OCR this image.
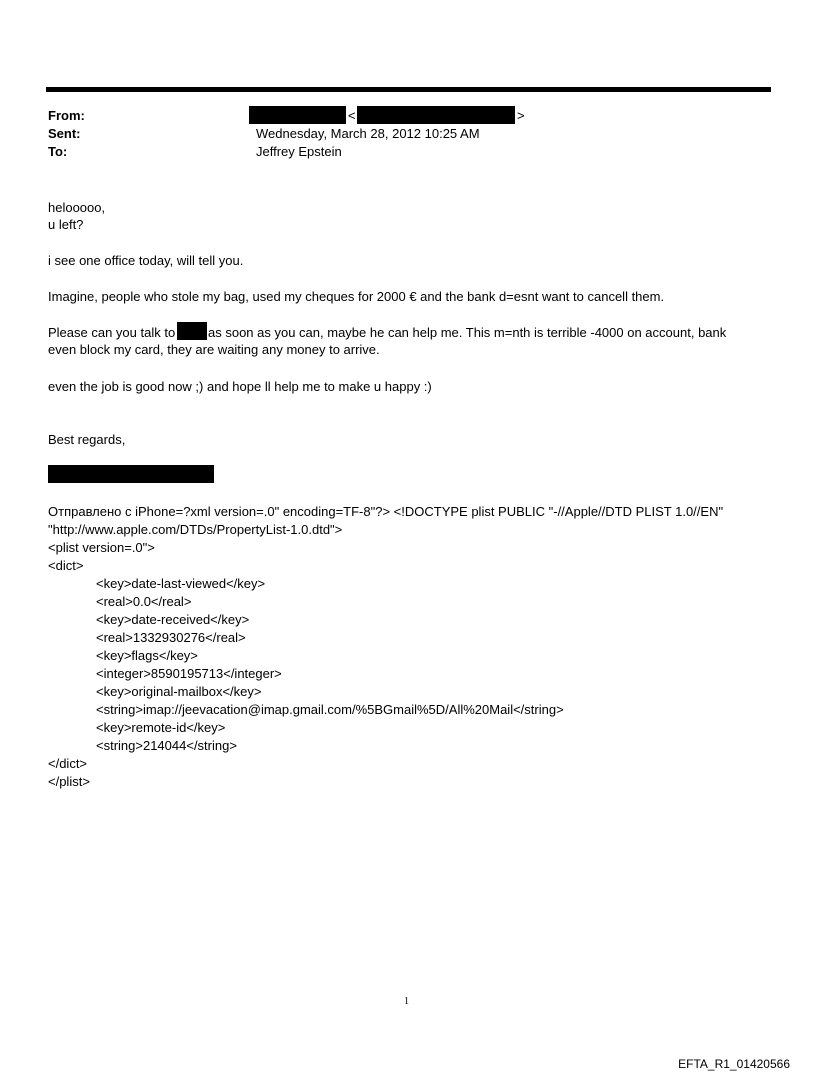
From:
Sent:
To:
<	>
Wednesday, March 28, 2012 10:25 AM
Jeffrey Epstein
helooooo,
u left?
i see one office today, will tell you.
Imagine, people who stole my bag, used my cheques for 2000 € and the bank d=esnt want to cancell them.
Please can you talk to	as soon as you can, maybe he can help me. This m=nth is terrible -4000 on account, bank
even block my card, they are waiting any money to arrive.
even the job is good now ;) and hope ll help me to make u happy :)
Best regards,
Отправлено с iPhone=?xml version=.0" encoding=TF-8"?> <!DOCTYPE plist PUBLIC "-//Apple//DTD PLIST 1.0//EN"
"http://www.apple.com/DTDs/PropertyList-1.0.dtd">
<plist version=.0">
<dict>
<key>date-last-viewed</key>
<real>0.0</real>
<key>date-received</key>
<real>1332930276</real>
<key>flags</key>
<integer>8590195713</integer>
<key>original-mailbox</key>
<string>imap://jeevacation@imap.gmail.com/%5BGmail%5D/All%20Mail</string>
<key>remote-id</key>
<string>214044</string>
</dict>
</plist>
1
EFTA_R1_01420566
